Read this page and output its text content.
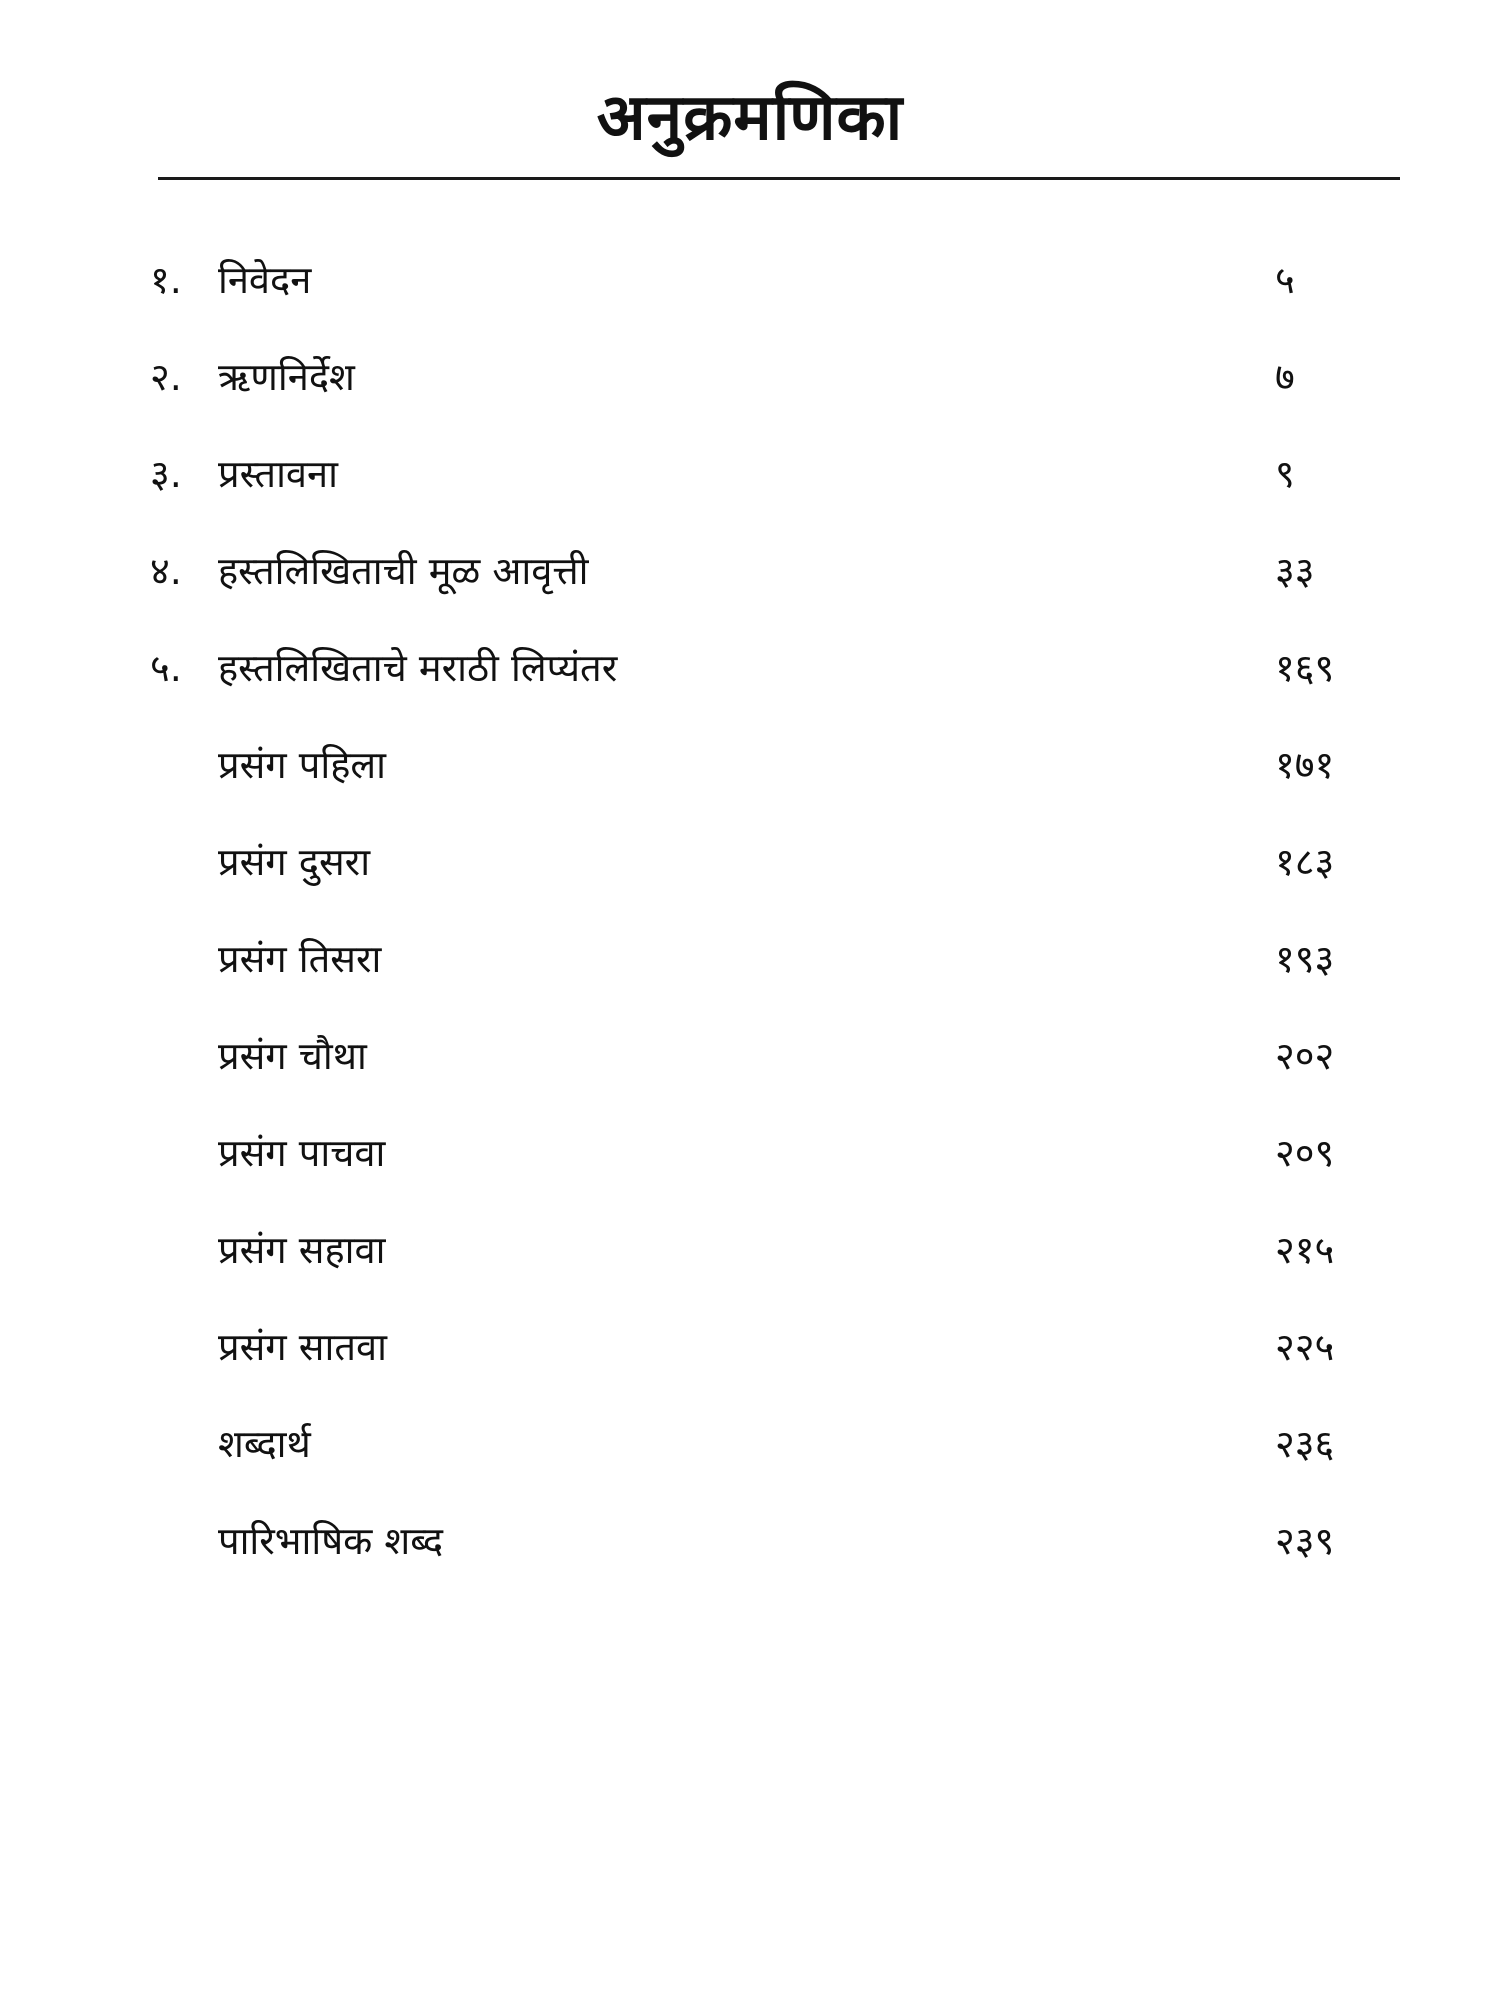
अनुक्रमणिका
१. निवेदन	५
२. ऋणनिर्देश	७
३. प्रस्तावना	९
४. हस्तलिखिताची मूळ आवृत्ती	३३
५. हस्तलिखिताचे मराठी लिप्यंतर	१६९
प्रसंग पहिला	१७१
प्रसंग दुसरा	१८३
प्रसंग तिसरा	१९३
प्रसंग चौथा	२०२
प्रसंग पाचवा	२०९
प्रसंग सहावा	२१५
प्रसंग सातवा	२२५
शब्दार्थ	२३६
पारिभाषिक शब्द	२३९
